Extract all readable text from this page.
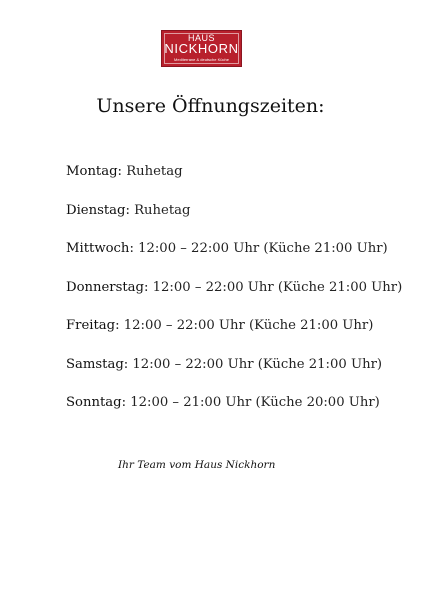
HAUS
NICKHORN
Mediterrane & deutsche Küche
Unsere Öffnungszeiten:
Montag: Ruhetag
Dienstag: Ruhetag
Mittwoch: 12:00 – 22:00 Uhr (Küche 21:00 Uhr)
Donnerstag: 12:00 – 22:00 Uhr (Küche 21:00 Uhr)
Freitag: 12:00 – 22:00 Uhr (Küche 21:00 Uhr)
Samstag: 12:00 – 22:00 Uhr (Küche 21:00 Uhr)
Sonntag: 12:00 – 21:00 Uhr (Küche 20:00 Uhr)
Ihr Team vom Haus Nickhorn
